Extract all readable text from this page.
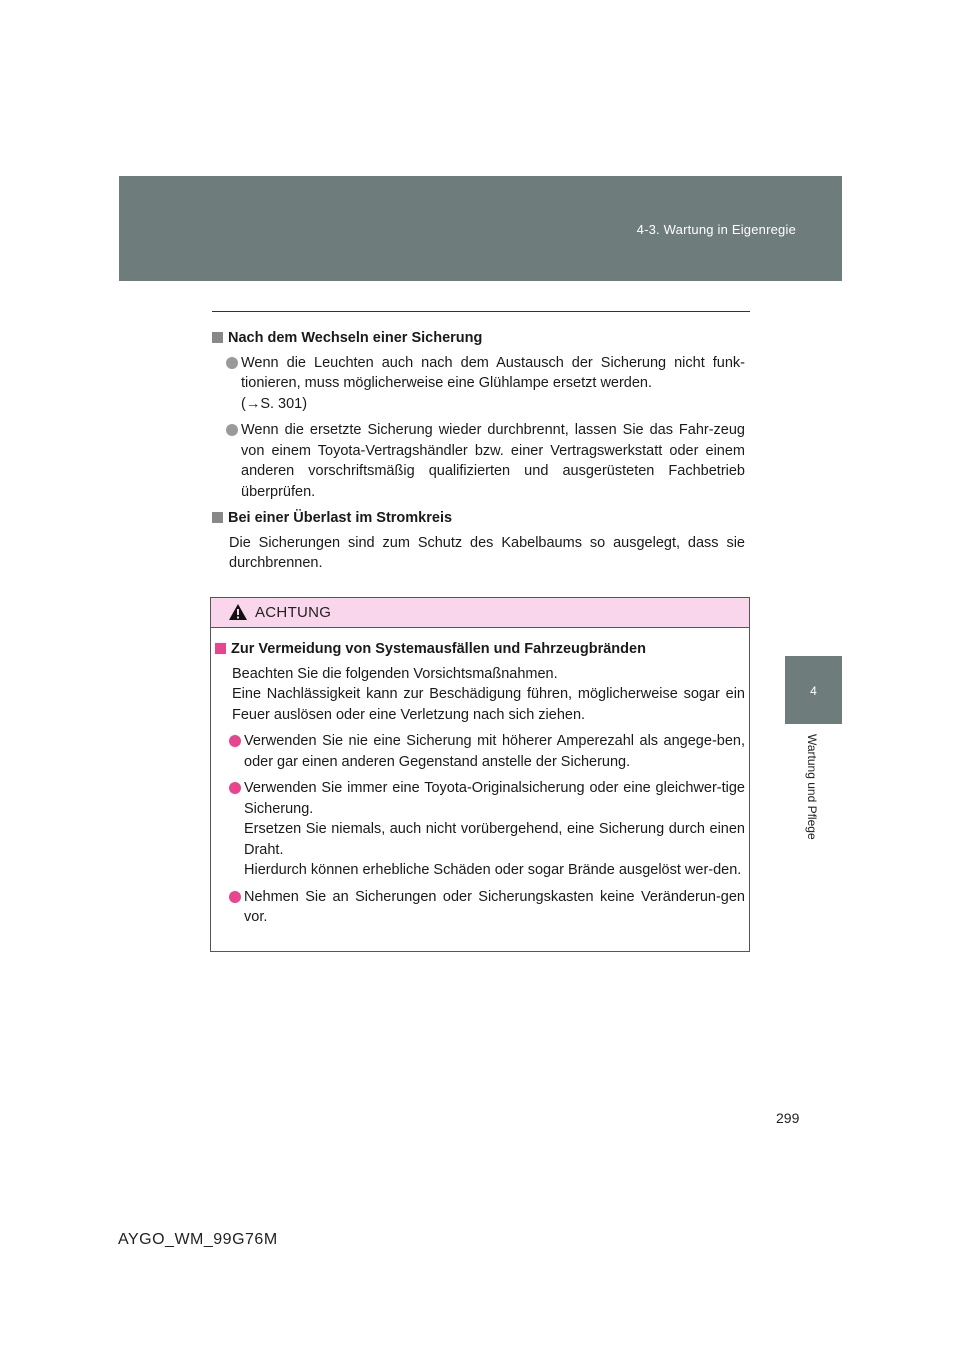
4-3. Wartung in Eigenregie
4
Wartung und Pflege
Nach dem Wechseln einer Sicherung
Wenn die Leuchten auch nach dem Austausch der Sicherung nicht funk-tionieren, muss möglicherweise eine Glühlampe ersetzt werden.
(→S. 301)
Wenn die ersetzte Sicherung wieder durchbrennt, lassen Sie das Fahr-zeug von einem Toyota-Vertragshändler bzw. einer Vertragswerkstatt oder einem anderen vorschriftsmäßig qualifizierten und ausgerüsteten Fachbetrieb überprüfen.
Bei einer Überlast im Stromkreis
Die Sicherungen sind zum Schutz des Kabelbaums so ausgelegt, dass sie durchbrennen.
ACHTUNG
Zur Vermeidung von Systemausfällen und Fahrzeugbränden
Beachten Sie die folgenden Vorsichtsmaßnahmen.
Eine Nachlässigkeit kann zur Beschädigung führen, möglicherweise sogar ein Feuer auslösen oder eine Verletzung nach sich ziehen.
Verwenden Sie nie eine Sicherung mit höherer Amperezahl als angege-ben, oder gar einen anderen Gegenstand anstelle der Sicherung.
Verwenden Sie immer eine Toyota-Originalsicherung oder eine gleichwer-tige Sicherung.
Ersetzen Sie niemals, auch nicht vorübergehend, eine Sicherung durch einen Draht.
Hierdurch können erhebliche Schäden oder sogar Brände ausgelöst wer-den.
Nehmen Sie an Sicherungen oder Sicherungskasten keine Veränderun-gen vor.
299
AYGO_WM_99G76M
